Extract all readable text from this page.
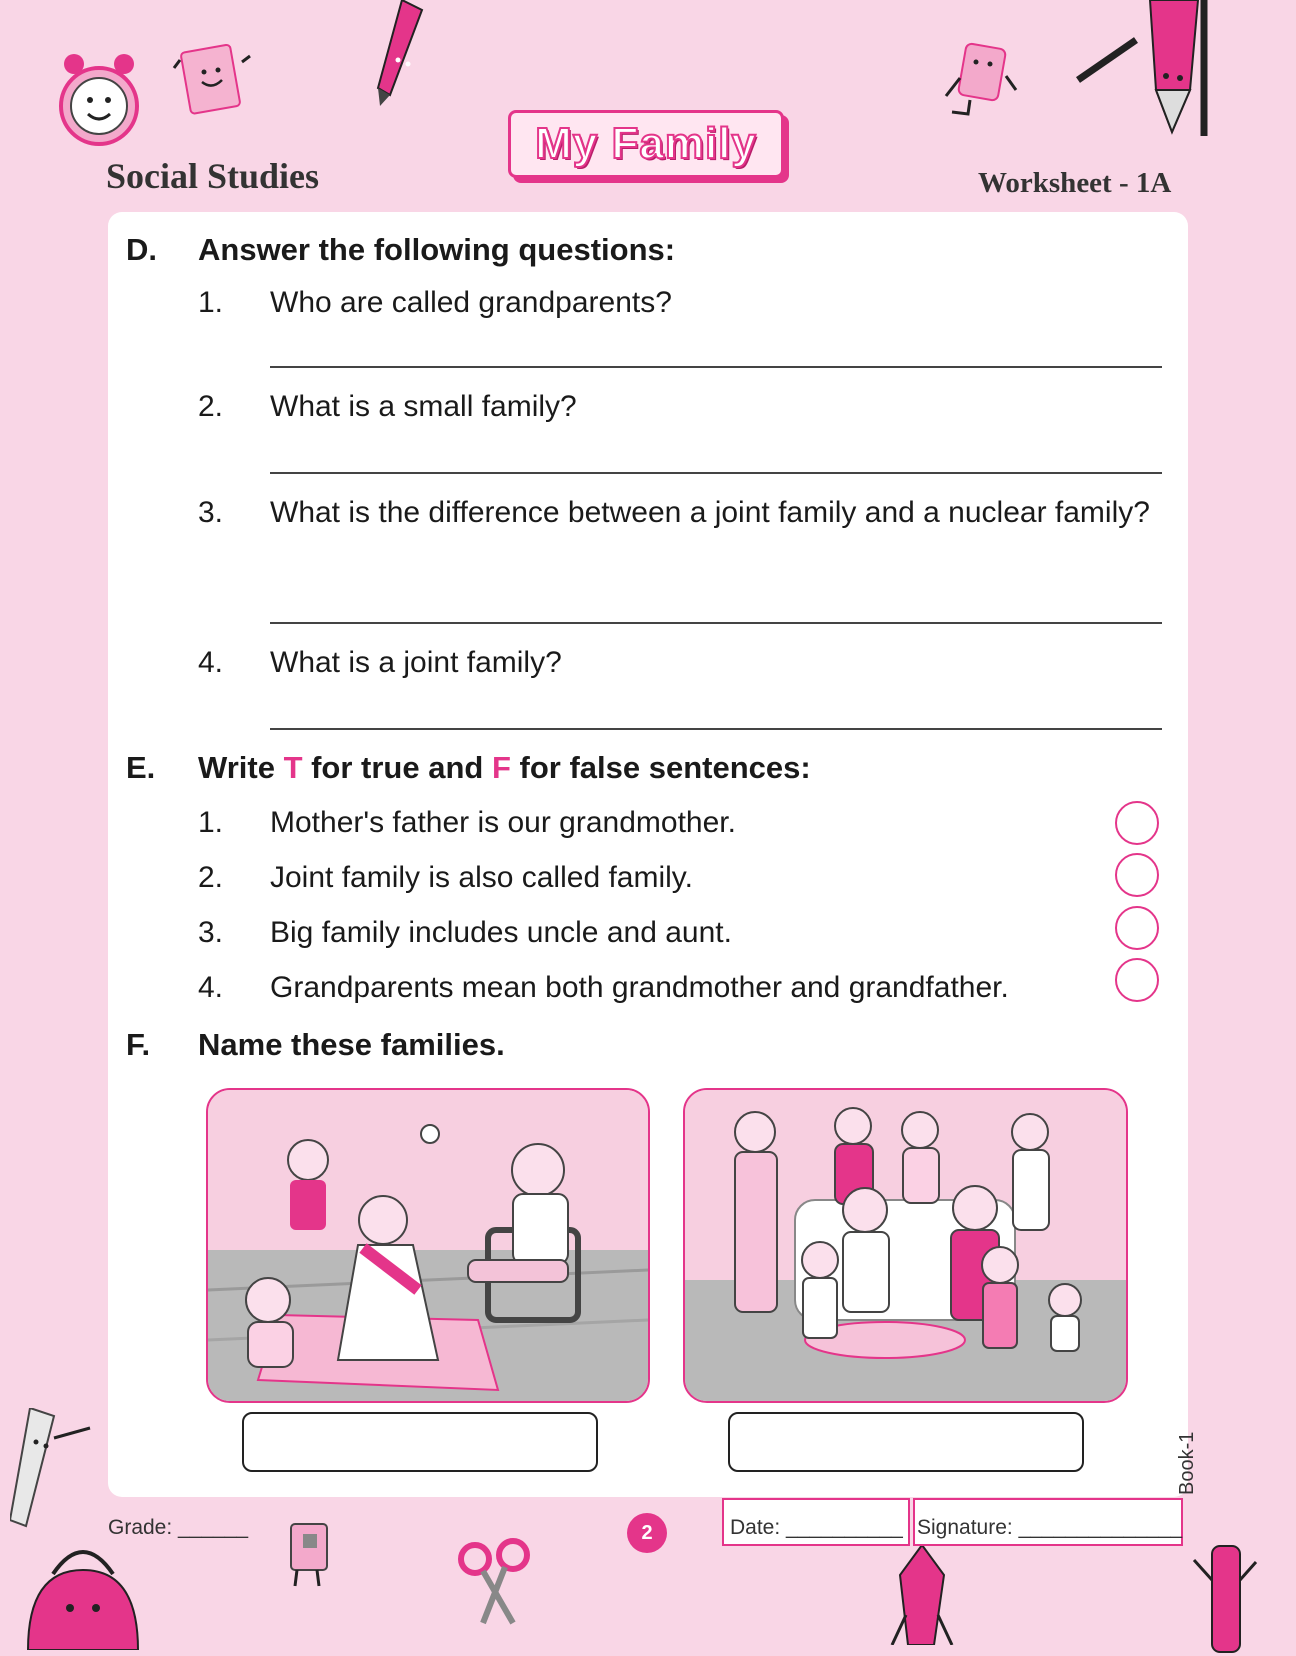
Social Studies
My Family
Worksheet - 1A
D. Answer the following questions:
1. Who are called grandparents?
2. What is a small family?
3. What is the difference between a joint family and a nuclear family?
4. What is a joint family?
E. Write T for true and F for false sentences:
1. Mother's father is our grandmother.
2. Joint family is also called family.
3. Big family includes uncle and aunt.
4. Grandparents mean both grandmother and grandfather.
F. Name these families.
Grade: ______	2	Date: __________ Signature: ______________
Book-1
